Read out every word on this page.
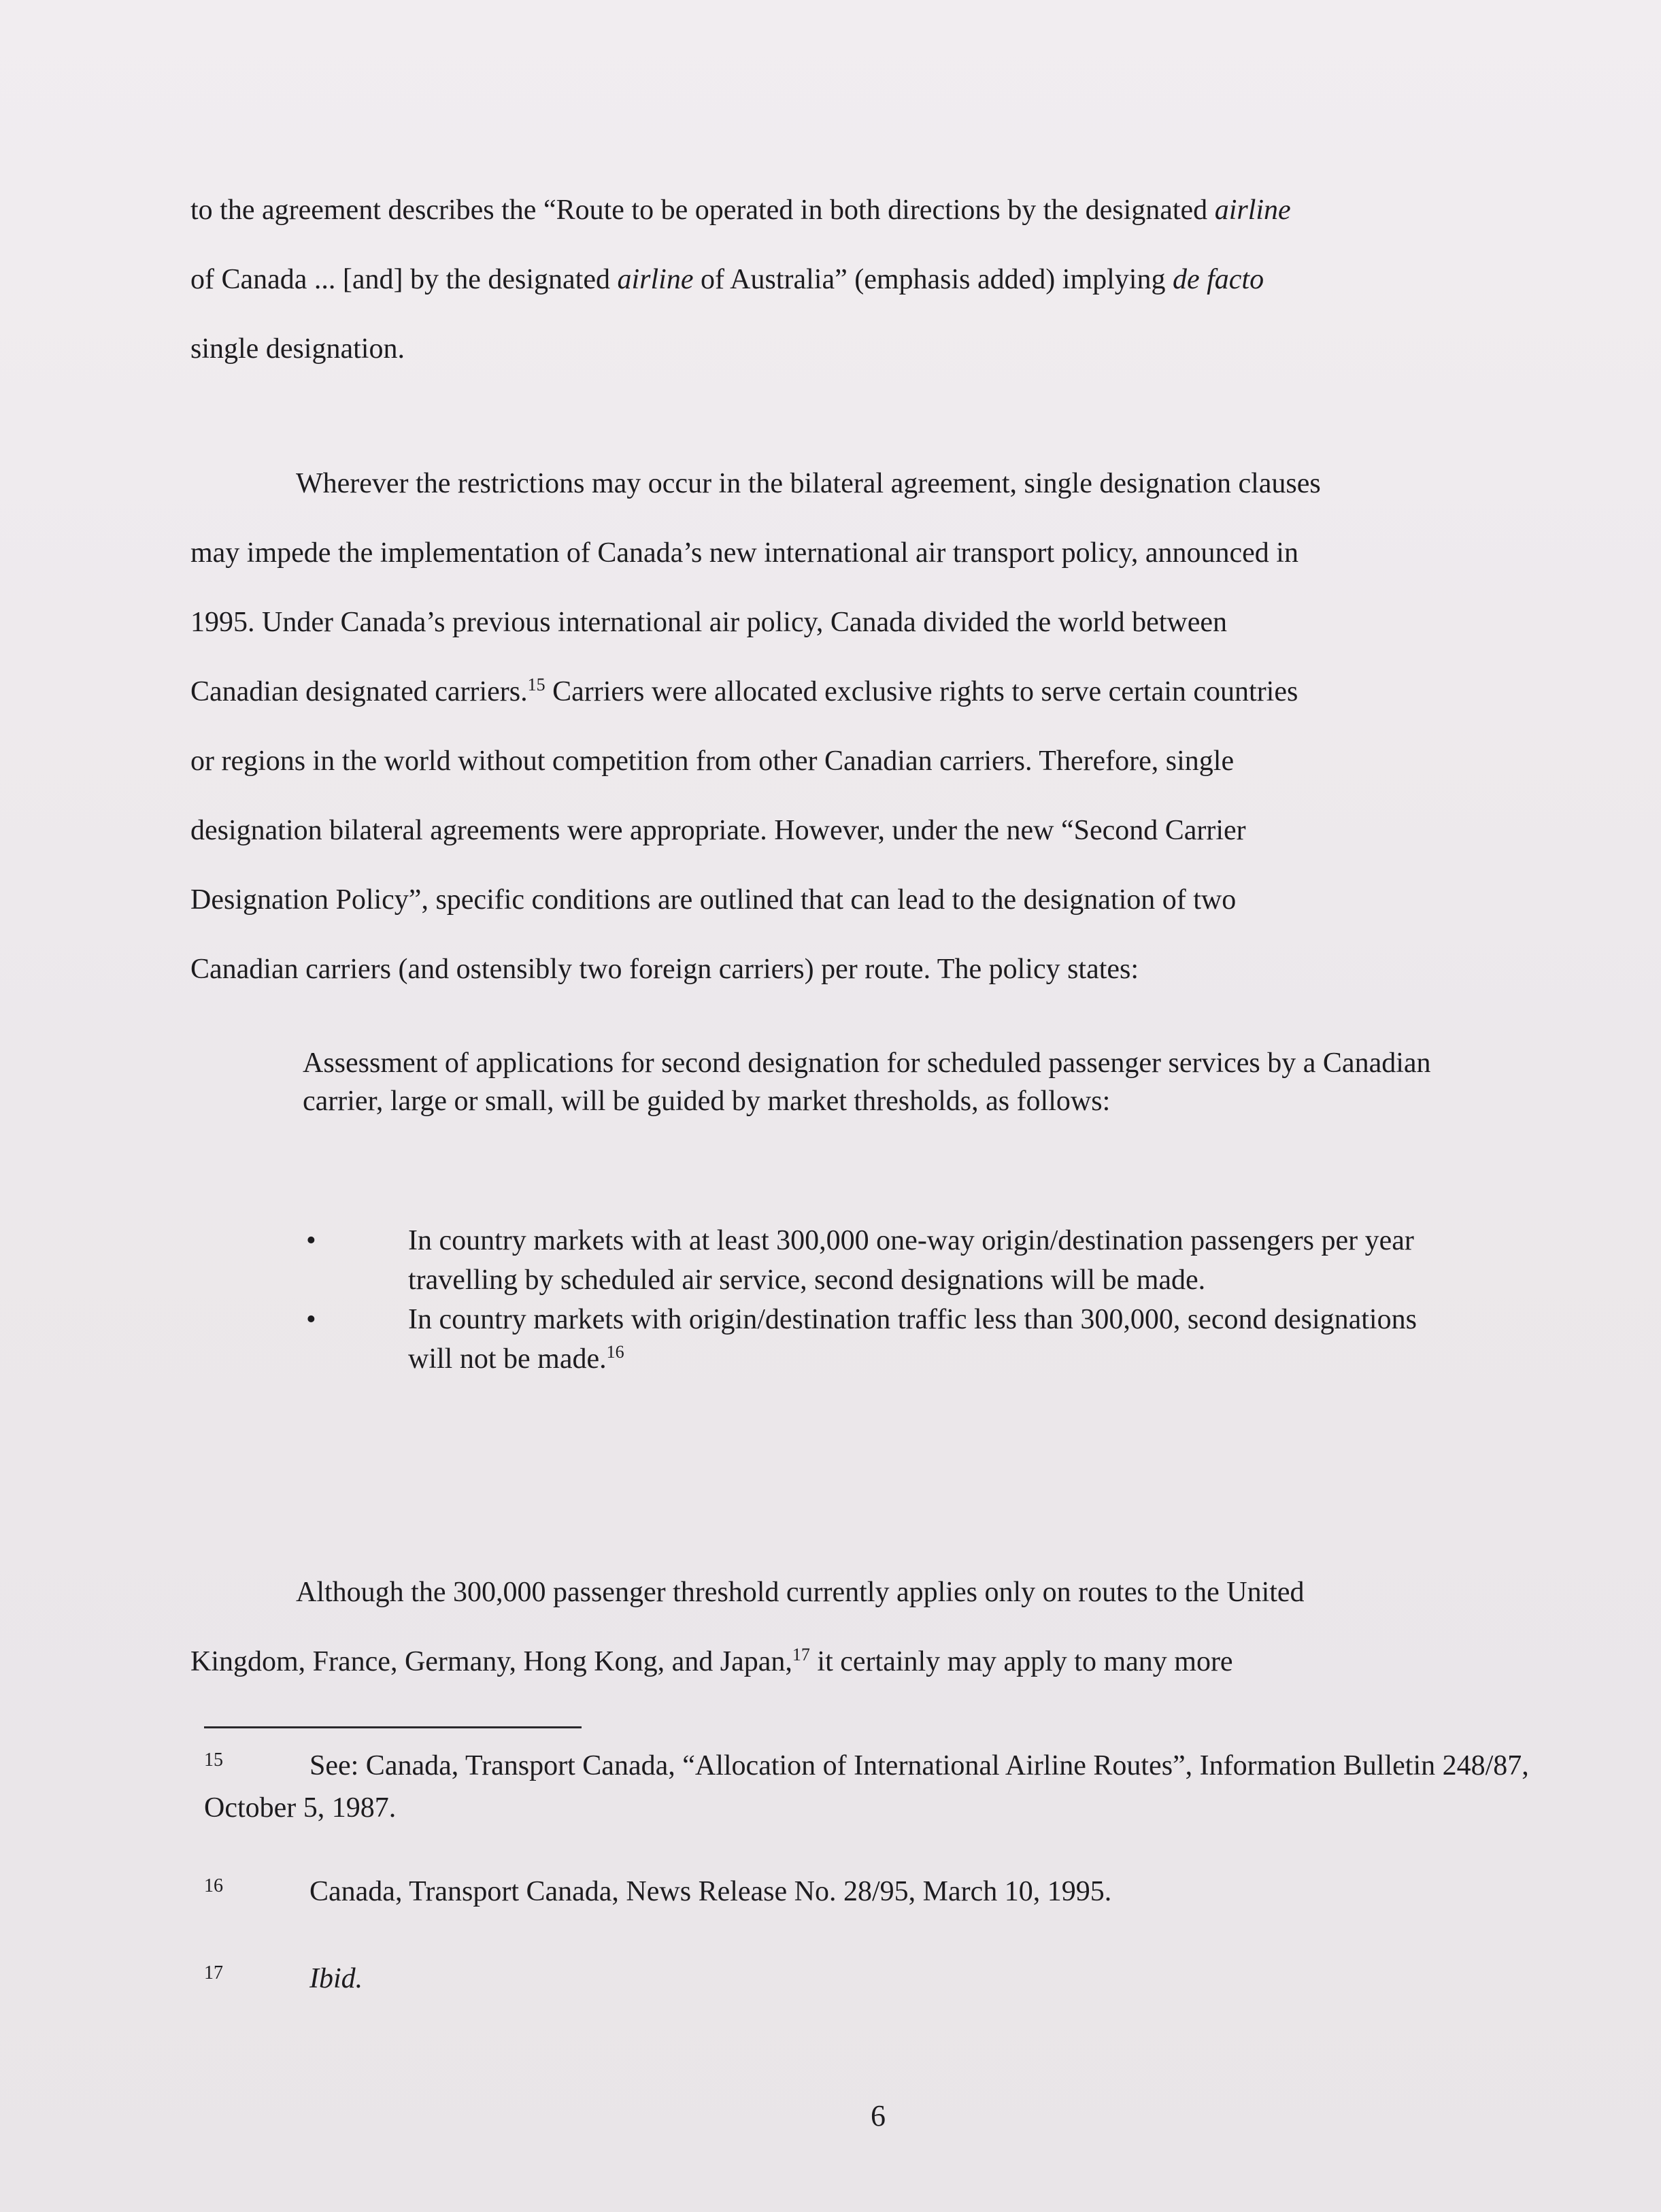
to the agreement describes the “Route to be operated in both directions by the designated airline
of Canada ... [and] by the designated airline of Australia” (emphasis added) implying de facto
single designation.

Wherever the restrictions may occur in the bilateral agreement, single designation clauses
may impede the implementation of Canada’s new international air transport policy, announced in
1995. Under Canada’s previous international air policy, Canada divided the world between
Canadian designated carriers.$^{15}$ Carriers were allocated exclusive rights to serve certain countries
or regions in the world without competition from other Canadian carriers. Therefore, single
designation bilateral agreements were appropriate. However, under the new “Second Carrier
Designation Policy”, specific conditions are outlined that can lead to the designation of two
Canadian carriers (and ostensibly two foreign carriers) per route. The policy states:

Assessment of applications for second designation for scheduled passenger services by a Canadian carrier, large or small, will be guided by market thresholds, as follows:

•	In country markets with at least 300,000 one-way origin/destination passengers per year travelling by scheduled air service, second designations will be made.
•	In country markets with origin/destination traffic less than 300,000, second designations will not be made.$^{16}$

Although the 300,000 passenger threshold currently applies only on routes to the United
Kingdom, France, Germany, Hong Kong, and Japan,$^{17}$ it certainly may apply to many more

15	See: Canada, Transport Canada, “Allocation of International Airline Routes”, Information Bulletin 248/87, October 5, 1987.

16	Canada, Transport Canada, News Release No. 28/95, March 10, 1995.

17	Ibid.

6
